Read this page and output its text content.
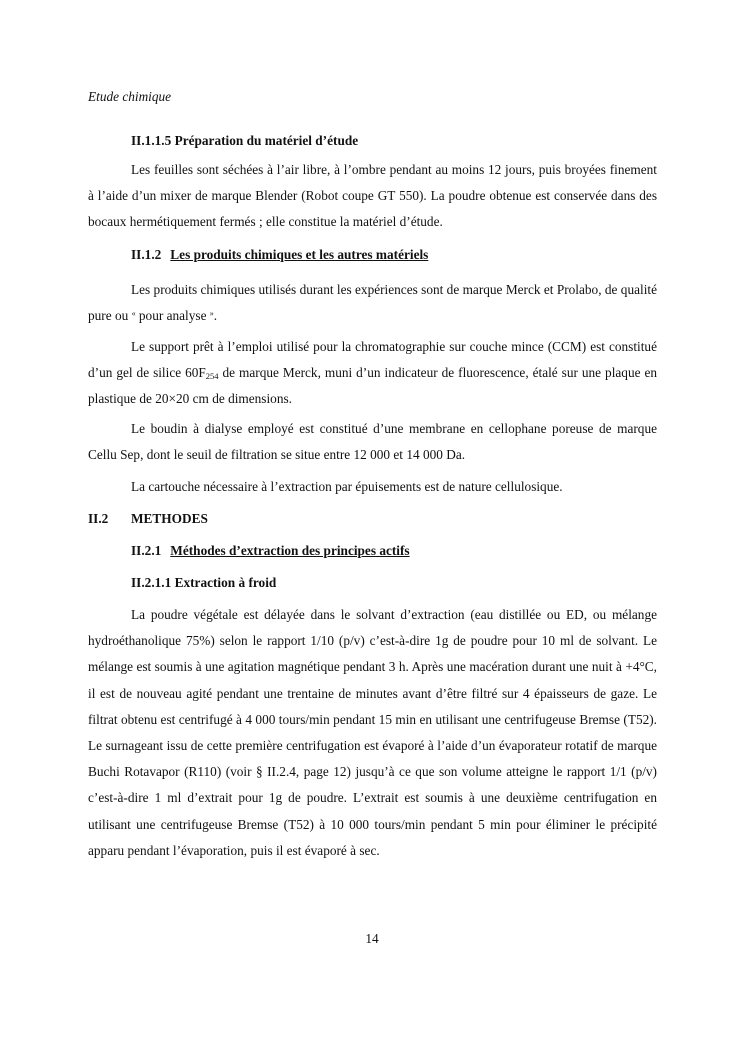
Etude chimique
II.1.1.5 Préparation du matériel d’étude
Les feuilles sont séchées à l’air libre, à l’ombre pendant au moins 12 jours, puis broyées finement à l’aide d’un mixer de marque Blender (Robot coupe GT 550). La poudre obtenue est conservée dans des bocaux hermétiquement fermés ; elle constitue la matériel d’étude.
II.1.2 Les produits chimiques et les autres matériels
Les produits chimiques utilisés durant les expériences sont de marque Merck et Prolabo, de qualité pure ou « pour analyse ».
Le support prêt à l’emploi utilisé pour la chromatographie sur couche mince (CCM) est constitué d’un gel de silice $60F_{254}$ de marque Merck, muni d’un indicateur de fluorescence, étalé sur une plaque en plastique de 20×20 cm de dimensions.
Le boudin à dialyse employé est constitué d’une membrane en cellophane poreuse de marque Cellu Sep, dont le seuil de filtration se situe entre 12 000 et 14 000 Da.
La cartouche nécessaire à l’extraction par épuisements est de nature cellulosique.
II.2 METHODES
II.2.1 Méthodes d’extraction des principes actifs
II.2.1.1 Extraction à froid
La poudre végétale est délayée dans le solvant d’extraction (eau distillée ou ED, ou mélange hydroéthanolique 75%) selon le rapport 1/10 (p/v) c’est-à-dire 1g de poudre pour 10 ml de solvant. Le mélange est soumis à une agitation magnétique pendant 3 h. Après une macération durant une nuit à +4°C, il est de nouveau agité pendant une trentaine de minutes avant d’être filtré sur 4 épaisseurs de gaze. Le filtrat obtenu est centrifugé à 4 000 tours/min pendant 15 min en utilisant une centrifugeuse Bremse (T52). Le surnageant issu de cette première centrifugation est évaporé à l’aide d’un évaporateur rotatif de marque Buchi Rotavapor (R110) (voir § II.2.4, page 12) jusqu’à ce que son volume atteigne le rapport 1/1 (p/v) c’est-à-dire 1 ml d’extrait pour 1g de poudre. L’extrait est soumis à une deuxième centrifugation en utilisant une centrifugeuse Bremse (T52) à 10 000 tours/min pendant 5 min pour éliminer le précipité apparu pendant l’évaporation, puis il est évaporé à sec.
14
